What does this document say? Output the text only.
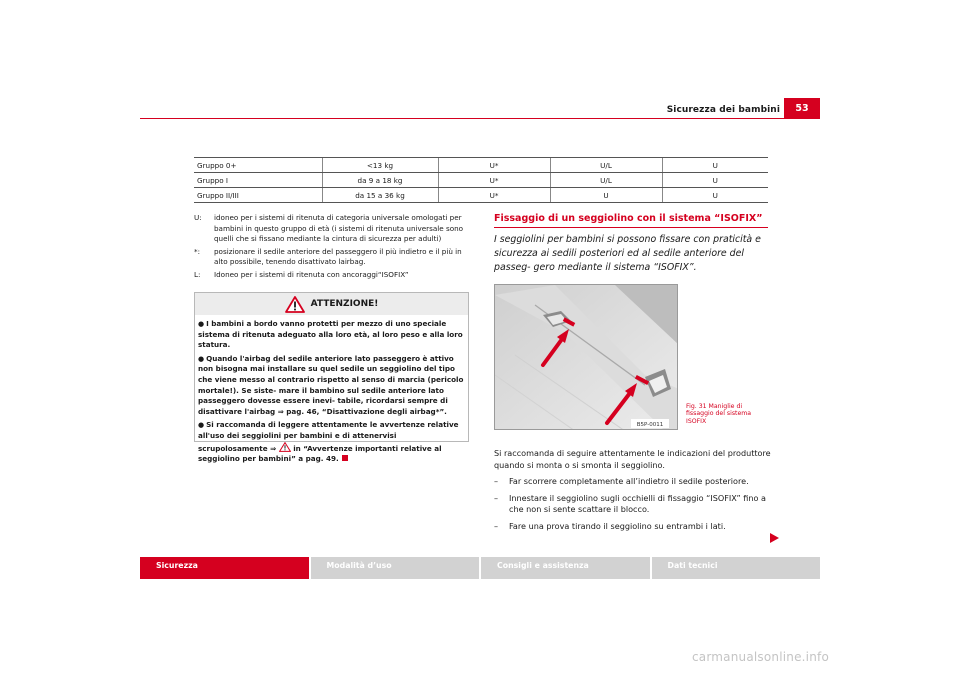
Sicurezza dei bambini	53
Gruppo 0+	<13 kg	U*	U/L	U
Gruppo I	da 9 a 18 kg	U*	U/L	U
Gruppo II/III	da 15 a 36 kg	U*	U	U
U:	idoneo per i sistemi di ritenuta di categoria universale omologati per bambini in questo gruppo di età (i sistemi di ritenuta universale sono quelli che si fissano mediante la cintura di sicurezza per adulti)
*:	posizionare il sedile anteriore del passeggero il più indietro e il più in alto possibile, tenendo disattivato lairbag.
L:	Idoneo per i sistemi di ritenuta con ancoraggi“ISOFIX”
ATTENZIONE!
● I bambini a bordo vanno protetti per mezzo di uno speciale sistema di ritenuta adeguato alla loro età, al loro peso e alla loro statura.
● Quando l'airbag del sedile anteriore lato passeggero è attivo non bisogna mai installare su quel sedile un seggiolino del tipo che viene messo al contrario rispetto al senso di marcia (pericolo mortale!). Se siste- mare il bambino sul sedile anteriore lato passeggero dovesse essere inevi- tabile, ricordarsi sempre di disattivare l'airbag ⇒ pag. 46, “Disattivazione degli airbag*”.
● Si raccomanda di leggere attentamente le avvertenze relative all'uso dei seggiolini per bambini e di attenervisi scrupolosamente ⇒ in “Avvertenze importanti relative al seggiolino per bambini” a pag. 49.
Fissaggio di un seggiolino con il sistema “ISOFIX”
I seggiolini per bambini si possono fissare con praticità e sicurezza ai sedili posteriori ed al sedile anteriore del passeg- gero mediante il sistema “ISOFIX”.
B5P-0011
Fig. 31 Maniglie di fissaggio del sistema ISOFIX
Si raccomanda di seguire attentamente le indicazioni del produttore quando si monta o si smonta il seggiolino.
–	Far scorrere completamente all’indietro il sedile posteriore.
–	Innestare il seggiolino sugli occhielli di fissaggio “ISOFIX” fino a che non si sente scattare il blocco.
–	Fare una prova tirando il seggiolino su entrambi i lati.
Sicurezza	Modalità d’uso	Consigli e assistenza	Dati tecnici
carmanualsonline.info
